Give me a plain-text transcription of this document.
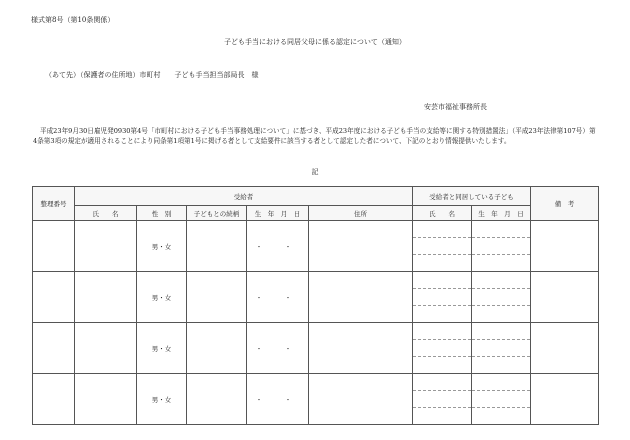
様式第8号（第10条関係）
子ども手当における同居父母に係る認定について（通知）
（あて先）（保護者の住所地）市町村　　子ども手当担当部局長　様
安芸市福祉事務所長
平成23年9月30日雇児発0930第4号「市町村における子ども手当事務処理について」に基づき、平成23年度における子ども手当の支給等に関する特別措置法」（平成23年法律第107号）第4条第3項の規定が適用されることにより同条第1項第1号に掲げる者として支給要件に該当する者として認定した者について、下記のとおり情報提供いたします。
記
整理番号	受給者	受給者と同居している子ども	備　考
氏　　名	性　別	子どもとの続柄	生　年　月　日	住所	氏　　名	生　年　月　日
		男・女		・　・		

		男・女		・　・		

		男・女		・　・		

		男・女		・　・		
